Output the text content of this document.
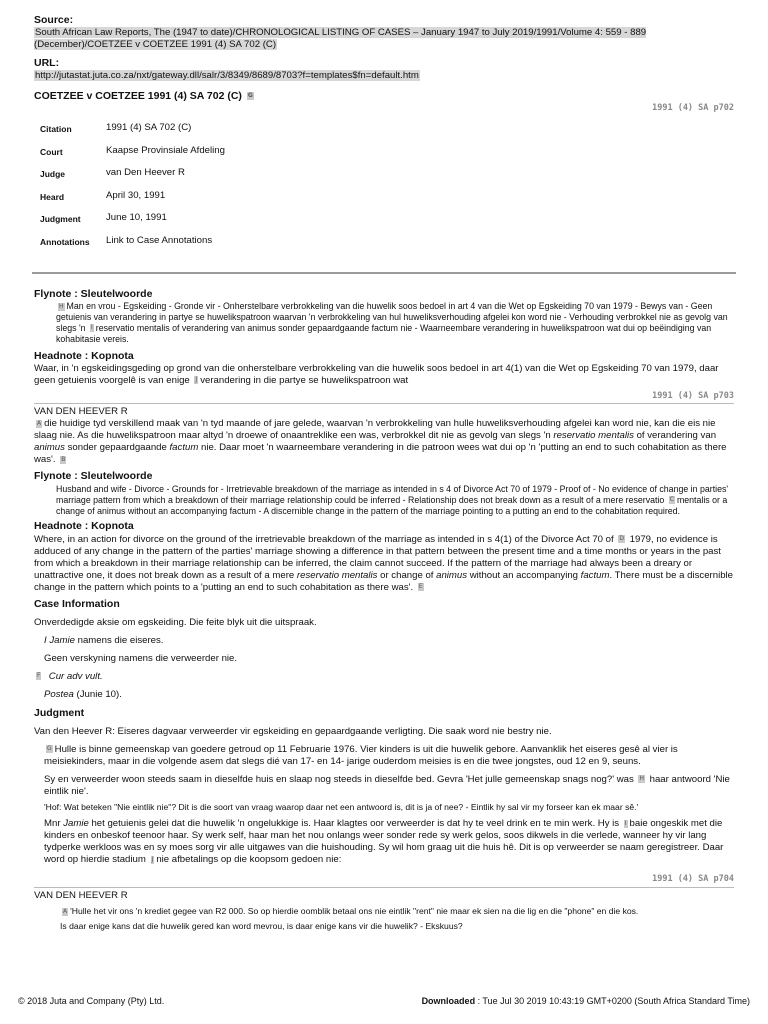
Source:
South African Law Reports, The (1947 to date)/CHRONOLOGICAL LISTING OF CASES – January 1947 to July 2019/1991/Volume 4: 559 - 889 (December)/COETZEE v COETZEE 1991 (4) SA 702 (C)
URL:
http://jutastat.juta.co.za/nxt/gateway.dll/salr/3/8349/8689/8703?f=templates$fn=default.htm
COETZEE v COETZEE 1991 (4) SA 702 (C) G
1991 (4) SA p702
Citation	1991 (4) SA 702 (C)
Court	Kaapse Provinsiale Afdeling
Judge	van Den Heever R
Heard	April 30, 1991
Judgment	June 10, 1991
Annotations	Link to Case Annotations
Flynote : Sleutelwoorde
H Man en vrou - Egskeiding - Gronde vir - Onherstelbare verbrokkeling van die huwelik soos bedoel in art 4 van die Wet op Egskeiding 70 van 1979 - Bewys van - Geen getuienis van verandering in partye se huwelikspatroon waarvan 'n verbrokkeling van hul huweliksverhouding afgelei kon word nie - Verhouding verbrokkel nie as gevolg van slegs 'n I reservatio mentalis of verandering van animus sonder gepaardgaande factum nie - Waarneembare verandering in huwelikspatroon wat dui op beëindiging van kohabitasie vereis.
Headnote : Kopnota
Waar, in 'n egskeidingsgeding op grond van die onherstelbare verbrokkeling van die huwelik soos bedoel in art 4(1) van die Wet op Egskeiding 70 van 1979, daar geen getuienis voorgelê is van enige J verandering in die partye se huwelikspatroon wat
1991 (4) SA p703
VAN DEN HEEVER R
A die huidige tyd verskillend maak van 'n tyd maande of jare gelede, waarvan 'n verbrokkeling van hulle huweliksverhouding afgelei kan word nie, kan die eis nie slaag nie. As die huwelikspatroon maar altyd 'n droewe of onaantreklike een was, verbrokkel dit nie as gevolg van slegs 'n reservatio mentalis of verandering van animus sonder gepaardgaande factum nie. Daar moet 'n waarneembare verandering in die patroon wees wat dui op 'n 'putting an end to such cohabitation as there was'. B
Flynote : Sleutelwoorde
Husband and wife - Divorce - Grounds for - Irretrievable breakdown of the marriage as intended in s 4 of Divorce Act 70 of 1979 - Proof of - No evidence of change in parties' marriage pattern from which a breakdown of their marriage relationship could be inferred - Relationship does not break down as a result of a mere reservatio C mentalis or a change of animus without an accompanying factum - A discernible change in the pattern of the marriage pointing to a putting an end to the cohabitation required.
Headnote : Kopnota
Where, in an action for divorce on the ground of the irretrievable breakdown of the marriage as intended in s 4(1) of the Divorce Act 70 of D 1979, no evidence is adduced of any change in the pattern of the parties' marriage showing a difference in that pattern between the present time and a time months or years in the past from which a breakdown in their marriage relationship can be inferred, the claim cannot succeed. If the pattern of the marriage had always been a dreary or unattractive one, it does not break down as a result of a mere reservatio mentalis or change of animus without an accompanying factum. There must be a discernible change in the pattern which points to a 'putting an end to such cohabitation as there was'. E
Case Information
Onverdedigde aksie om egskeiding. Die feite blyk uit die uitspraak.
I Jamie namens die eiseres.
Geen verskyning namens die verweerder nie.
F Cur adv vult.
Postea (Junie 10).
Judgment
Van den Heever R: Eiseres dagvaar verweerder vir egskeiding en gepaardgaande verligting. Die saak word nie bestry nie.
G Hulle is binne gemeenskap van goedere getroud op 11 Februarie 1976. Vier kinders is uit die huwelik gebore. Aanvanklik het eiseres gesê al vier is meisiekinders, maar in die volgende asem dat slegs dié van 17- en 14- jarige ouderdom meisies is en die twee jongstes, oud 12 en 9, seuns.
Sy en verweerder woon steeds saam in dieselfde huis en slaap nog steeds in dieselfde bed. Gevra 'Het julle gemeenskap snags nog?' was H haar antwoord 'Nie eintlik nie'.
'Hof: Wat beteken "Nie eintlik nie"? Dit is die soort van vraag waarop daar net een antwoord is, dit is ja of nee? - Eintlik hy sal vir my forseer kan ek maar sê.'
Mnr Jamie het getuienis gelei dat die huwelik 'n ongelukkige is. Haar klagtes oor verweerder is dat hy te veel drink en te min werk. Hy is I baie ongeskik met die kinders en onbeskof teenoor haar. Sy werk self, haar man het nou onlangs weer sonder rede sy werk gelos, soos dikwels in die verlede, wanneer hy vir lang tydperke werkloos was en sy moes sorg vir alle uitgawes van die huishouding. Sy wil hom graag uit die huis hê. Dit is op verweerder se naam geregistreer. Daar word op hierdie stadium J nie afbetalings op die koopsom gedoen nie:
1991 (4) SA p704
VAN DEN HEEVER R
A 'Hulle het vir ons 'n krediet gegee van R2 000. So op hierdie oomblik betaal ons nie eintlik "rent" nie maar ek sien na die lig en die "phone" en die kos.
Is daar enige kans dat die huwelik gered kan word mevrou, is daar enige kans vir die huwelik? - Ekskuus?
© 2018 Juta and Company (Pty) Ltd.	Downloaded : Tue Jul 30 2019 10:43:19 GMT+0200 (South Africa Standard Time)
